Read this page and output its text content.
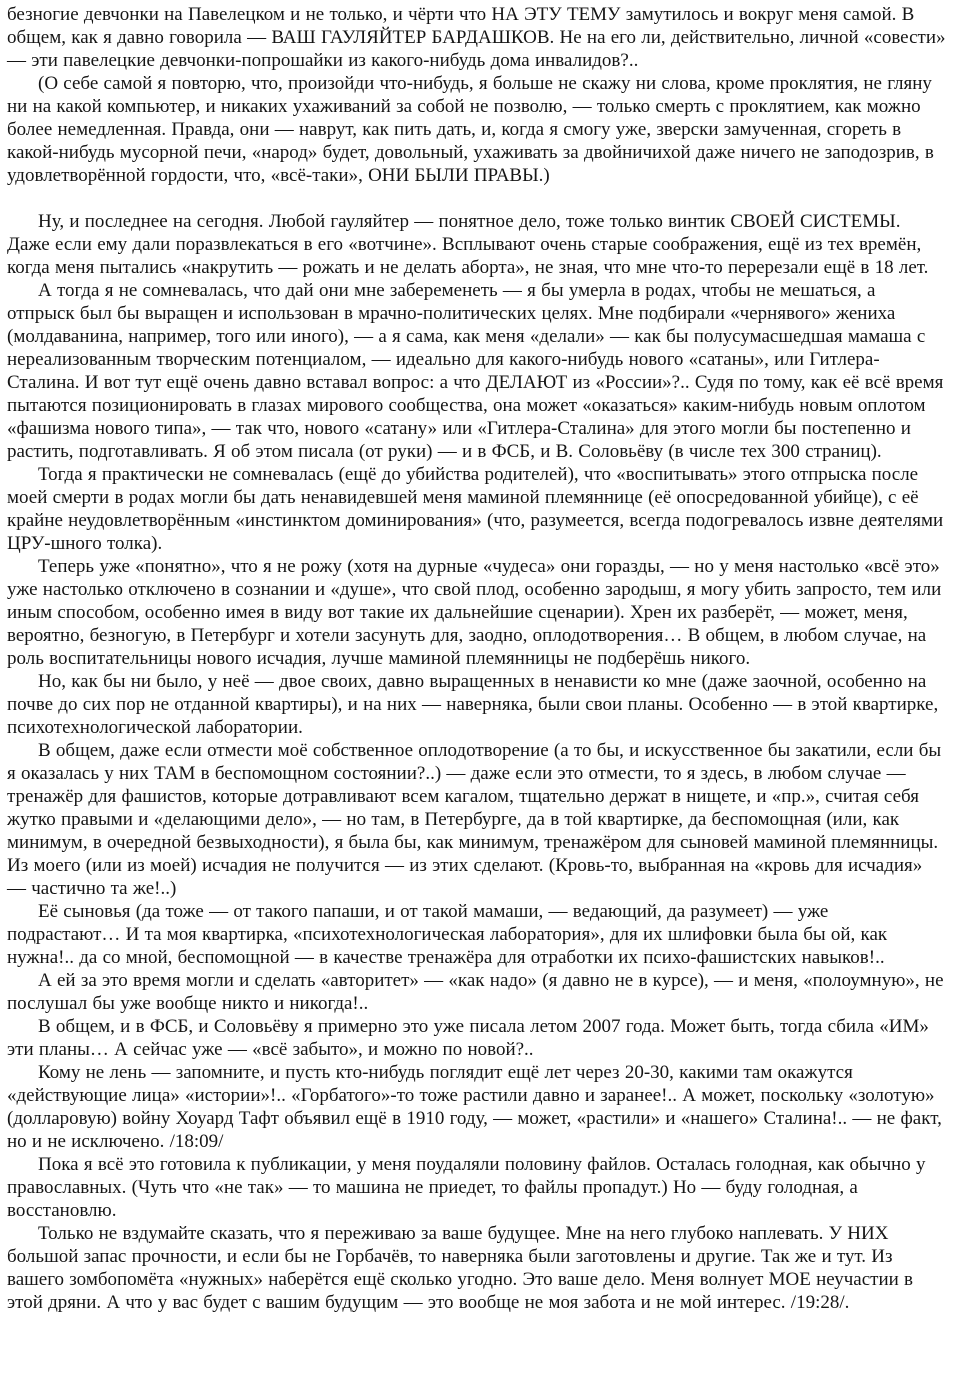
безногие девчонки на Павелецком и не только, и чёрти что НА ЭТУ ТЕМУ замутилось и вокруг меня самой. В общем, как я давно говорила — ВАШ ГАУЛЯЙТЕР БАРДАШКОВ. Не на его ли, действительно, личной «совести» — эти павелецкие девчонки-попрошайки из какого-нибудь дома инвалидов?..

(О себе самой я повторю, что, произойди что-нибудь, я больше не скажу ни слова, кроме проклятия, не гляну ни на какой компьютер, и никаких ухаживаний за собой не позволю, — только смерть с проклятием, как можно более немедленная. Правда, они — наврут, как пить дать, и, когда я смогу уже, зверски замученная, сгореть в какой-нибудь мусорной печи, «народ» будет, довольный, ухаживать за двойничихой даже ничего не заподозрив, в удовлетворённой гордости, что, «всё-таки», ОНИ БЫЛИ ПРАВЫ.)

Ну, и последнее на сегодня. Любой гауляйтер — понятное дело, тоже только винтик СВОЕЙ СИСТЕМЫ. Даже если ему дали поразвлекаться в его «вотчине». Всплывают очень старые соображения, ещё из тех времён, когда меня пытались «накрутить — рожать и не делать аборта», не зная, что мне что-то перерезали ещё в 18 лет.

А тогда я не сомневалась, что дай они мне забеременеть — я бы умерла в родах, чтобы не мешаться, а отпрыск был бы выращен и использован в мрачно-политических целях. Мне подбирали «чернявого» жениха (молдаванина, например, того или иного), — а я сама, как меня «делали» — как бы полусумасшедшая мамаша с нереализованным творческим потенциалом, — идеально для какого-нибудь нового «сатаны», или Гитлера-Сталина. И вот тут ещё очень давно вставал вопрос: а что ДЕЛАЮТ из «России»?.. Судя по тому, как её всё время пытаются позиционировать в глазах мирового сообщества, она может «оказаться» каким-нибудь новым оплотом «фашизма нового типа», — так что, нового «сатану» или «Гитлера-Сталина» для этого могли бы постепенно и растить, подготавливать. Я об этом писала (от руки) — и в ФСБ, и В. Соловьёву (в числе тех 300 страниц).

Тогда я практически не сомневалась (ещё до убийства родителей), что «воспитывать» этого отпрыска после моей смерти в родах могли бы дать ненавидевшей меня маминой племяннице (её опосредованной убийце), с её крайне неудовлетворённым «инстинктом доминирования» (что, разумеется, всегда подогревалось извне деятелями ЦРУ-шного толка).

Теперь уже «понятно», что я не рожу (хотя на дурные «чудеса» они горазды, — но у меня настолько «всё это» уже настолько отключено в сознании и «душе», что свой плод, особенно зародыш, я могу убить запросто, тем или иным способом, особенно имея в виду вот такие их дальнейшие сценарии). Хрен их разберёт, — может, меня, вероятно, безногую, в Петербург и хотели засунуть для, заодно, оплодотворения… В общем, в любом случае, на роль воспитательницы нового исчадия, лучше маминой племянницы не подберёшь никого.

Но, как бы ни было, у неё — двое своих, давно выращенных в ненависти ко мне (даже заочной, особенно на почве до сих пор не отданной квартиры), и на них — наверняка, были свои планы. Особенно — в этой квартирке, психотехнологической лаборатории.

В общем, даже если отмести моё собственное оплодотворение (а то бы, и искусственное бы закатили, если бы я оказалась у них ТАМ в беспомощном состоянии?..) — даже если это отмести, то я здесь, в любом случае — тренажёр для фашистов, которые дотравливают всем кагалом, тщательно держат в нищете, и «пр.», считая себя жутко правыми и «делающими дело», — но там, в Петербурге, да в той квартирке, да беспомощная (или, как минимум, в очередной безвыходности), я была бы, как минимум, тренажёром для сыновей маминой племянницы. Из моего (или из моей) исчадия не получится — из этих сделают. (Кровь-то, выбранная на «кровь для исчадия» — частично та же!..)

Её сыновья (да тоже — от такого папаши, и от такой мамаши, — ведающий, да разумеет) — уже подрастают… И та моя квартирка, «психотехнологическая лаборатория», для их шлифовки была бы ой, как нужна!.. да со мной, беспомощной — в качестве тренажёра для отработки их психо-фашистских навыков!..

А ей за это время могли и сделать «авторитет» — «как надо» (я давно не в курсе), — и меня, «полоумную», не послушал бы уже вообще никто и никогда!..

В общем, и в ФСБ, и Соловьёву я примерно это уже писала летом 2007 года. Может быть, тогда сбила «ИМ» эти планы… А сейчас уже — «всё забыто», и можно по новой?..

Кому не лень — запомните, и пусть кто-нибудь поглядит ещё лет через 20-30, какими там окажутся «действующие лица» «истории»!.. «Горбатого»-то тоже растили давно и заранее!.. А может, поскольку «золотую» (долларовую) войну Хоуард Тафт объявил ещё в 1910 году, — может, «растили» и «нашего» Сталина!.. — не факт, но и не исключено. /18:09/

Пока я всё это готовила к публикации, у меня поудаляли половину файлов. Осталась голодная, как обычно у православных. (Чуть что «не так» — то машина не приедет, то файлы пропадут.) Но — буду голодная, а восстановлю.

Только не вздумайте сказать, что я переживаю за ваше будущее. Мне на него глубоко наплевать. У НИХ большой запас прочности, и если бы не Горбачёв, то наверняка были заготовлены и другие. Так же и тут. Из вашего зомбопомёта «нужных» наберётся ещё сколько угодно. Это ваше дело. Меня волнует МОЕ неучастии в этой дряни. А что у вас будет с вашим будущим — это вообще не моя забота и не мой интерес. /19:28/.
